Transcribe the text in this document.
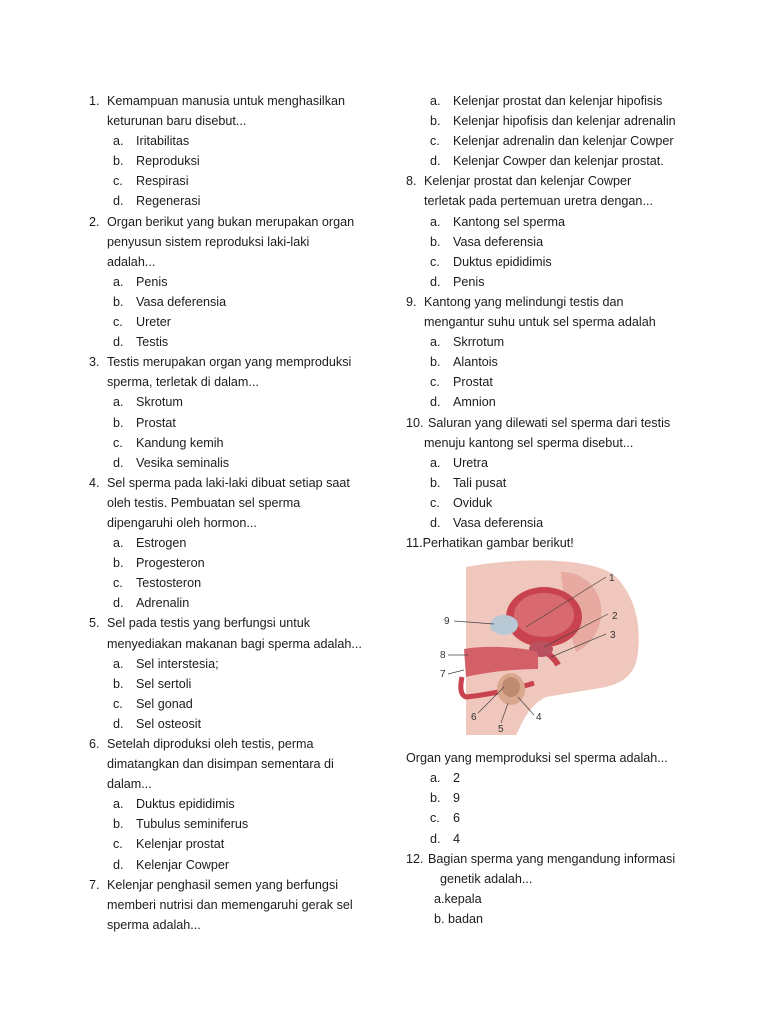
1. Kemampuan manusia untuk menghasilkan
keturunan baru disebut...
a. Iritabilitas
b. Reproduksi
c. Respirasi
d. Regenerasi
2. Organ berikut yang bukan merupakan organ
penyusun sistem reproduksi laki-laki
adalah...
a. Penis
b. Vasa deferensia
c. Ureter
d. Testis
3. Testis merupakan organ yang memproduksi
sperma, terletak di dalam...
a. Skrotum
b. Prostat
c. Kandung kemih
d. Vesika seminalis
4. Sel sperma pada laki-laki dibuat setiap saat
oleh testis. Pembuatan sel sperma
dipengaruhi oleh hormon...
a. Estrogen
b. Progesteron
c. Testosteron
d. Adrenalin
5. Sel pada testis yang berfungsi untuk
menyediakan makanan bagi sperma adalah...
a. Sel interstesia;
b. Sel sertoli
c. Sel gonad
d. Sel osteosit
6. Setelah diproduksi oleh testis, perma
dimatangkan dan disimpan sementara di
dalam...
a. Duktus epididimis
b. Tubulus seminiferus
c. Kelenjar prostat
d. Kelenjar Cowper
7. Kelenjar penghasil semen yang berfungsi
memberi nutrisi dan memengaruhi gerak sel
sperma adalah...
a. Kelenjar prostat dan kelenjar hipofisis
b. Kelenjar hipofisis dan kelenjar adrenalin
c. Kelenjar adrenalin dan kelenjar Cowper
d. Kelenjar Cowper dan kelenjar prostat.
8. Kelenjar prostat dan kelenjar Cowper
terletak pada pertemuan uretra dengan...
a. Kantong sel sperma
b. Vasa deferensia
c. Duktus epididimis
d. Penis
9. Kantong yang melindungi testis dan
mengantur suhu untuk sel sperma adalah
a. Skrrotum
b. Alantois
c. Prostat
d. Amnion
10. Saluran yang dilewati sel sperma dari testis
menuju kantong sel sperma disebut...
a. Uretra
b. Tali pusat
c. Oviduk
d. Vasa deferensia
11.Perhatikan gambar berikut!
1
2
3
4
5
6
7
8
9
Organ yang memproduksi sel sperma adalah...
a. 2
b. 9
c. 6
d. 4
12. Bagian sperma yang mengandung informasi
genetik adalah...
a.kepala
b. badan
